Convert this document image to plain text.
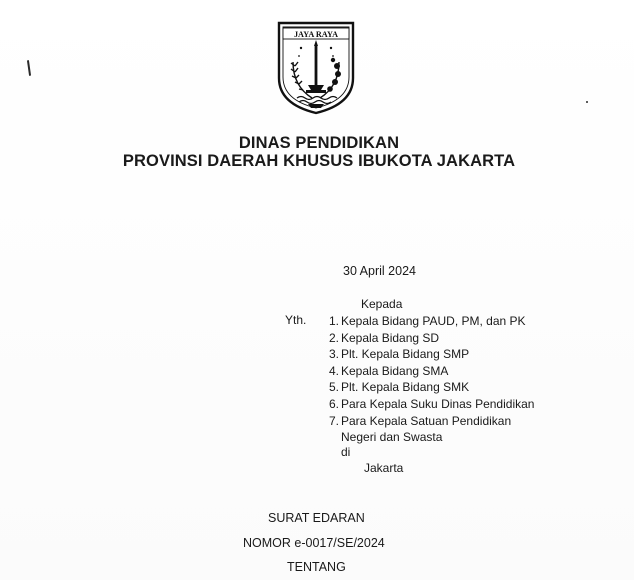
JAYA RAYA

DINAS PENDIDIKAN

PROVINSI DAERAH KHUSUS IBUKOTA JAKARTA

30 April 2024
Kepada
Yth.	1. Kepala Bidang PAUD, PM, dan PK
2. Kepala Bidang SD
3. Plt. Kepala Bidang SMP
4. Kepala Bidang SMA
5. Plt. Kepala Bidang SMK
6. Para Kepala Suku Dinas Pendidikan
7. Para Kepala Satuan Pendidikan
Negeri dan Swasta
di
Jakarta
SURAT EDARAN
NOMOR e-0017/SE/2024
TENTANG
